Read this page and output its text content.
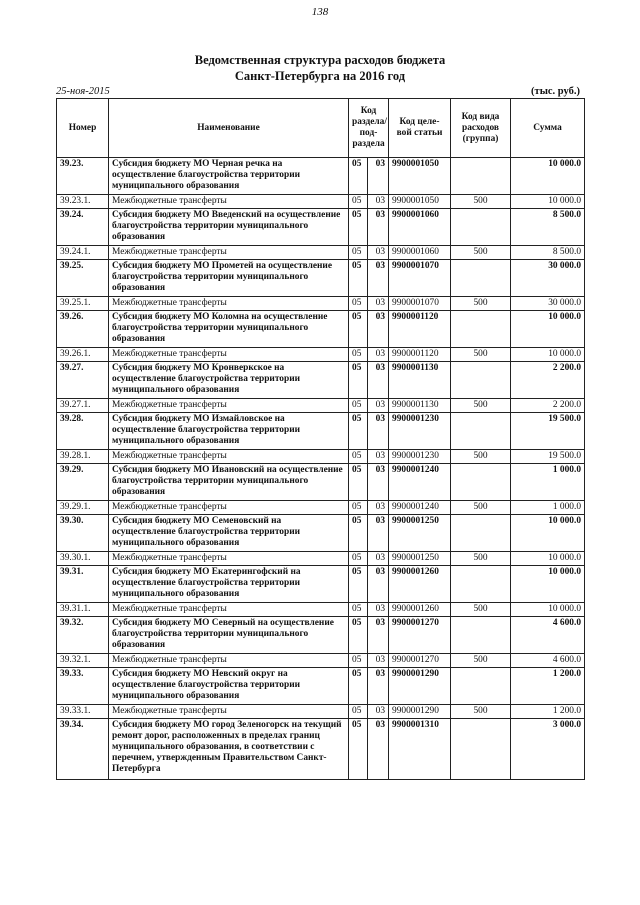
138
Ведомственная структура расходов бюджета
Санкт-Петербурга на 2016 год
25-ноя-2015	(тыс. руб.)
Номер	Наименование	Код раздела/ под-раздела		Код целе-вой статьи	Код вида расходов (группа)	Сумма
39.23.	Субсидия бюджету МО Черная речка на осуществление благоустройства территории муниципального образования	05	03	9900001050		10 000.0
39.23.1.	Межбюджетные трансферты	05	03	9900001050	500	10 000.0
39.24.	Субсидия бюджету МО Введенский на осуществление благоустройства территории муниципального образования	05	03	9900001060		8 500.0
39.24.1.	Межбюджетные трансферты	05	03	9900001060	500	8 500.0
39.25.	Субсидия бюджету МО Прометей на осуществление благоустройства территории муниципального образования	05	03	9900001070		30 000.0
39.25.1.	Межбюджетные трансферты	05	03	9900001070	500	30 000.0
39.26.	Субсидия бюджету МО Коломна на осуществление благоустройства территории муниципального образования	05	03	9900001120		10 000.0
39.26.1.	Межбюджетные трансферты	05	03	9900001120	500	10 000.0
39.27.	Субсидия бюджету МО Кронверкское на осуществление благоустройства территории муниципального образования	05	03	9900001130		2 200.0
39.27.1.	Межбюджетные трансферты	05	03	9900001130	500	2 200.0
39.28.	Субсидия бюджету МО Измайловское на осуществление благоустройства территории муниципального образования	05	03	9900001230		19 500.0
39.28.1.	Межбюджетные трансферты	05	03	9900001230	500	19 500.0
39.29.	Субсидия бюджету МО Ивановский на осуществление благоустройства территории муниципального образования	05	03	9900001240		1 000.0
39.29.1.	Межбюджетные трансферты	05	03	9900001240	500	1 000.0
39.30.	Субсидия бюджету МО Семеновский на осуществление благоустройства территории муниципального образования	05	03	9900001250		10 000.0
39.30.1.	Межбюджетные трансферты	05	03	9900001250	500	10 000.0
39.31.	Субсидия бюджету МО Екатерингофский на осуществление благоустройства территории муниципального образования	05	03	9900001260		10 000.0
39.31.1.	Межбюджетные трансферты	05	03	9900001260	500	10 000.0
39.32.	Субсидия бюджету МО Северный на осуществление благоустройства территории муниципального образования	05	03	9900001270		4 600.0
39.32.1.	Межбюджетные трансферты	05	03	9900001270	500	4 600.0
39.33.	Субсидия бюджету МО Невский округ на осуществление благоустройства территории муниципального образования	05	03	9900001290		1 200.0
39.33.1.	Межбюджетные трансферты	05	03	9900001290	500	1 200.0
39.34.	Субсидия бюджету МО город Зеленогорск на текущий ремонт дорог, расположенных в пределах границ муниципального образования, в соответствии с перечнем, утвержденным Правительством Санкт-Петербурга	05	03	9900001310		3 000.0
